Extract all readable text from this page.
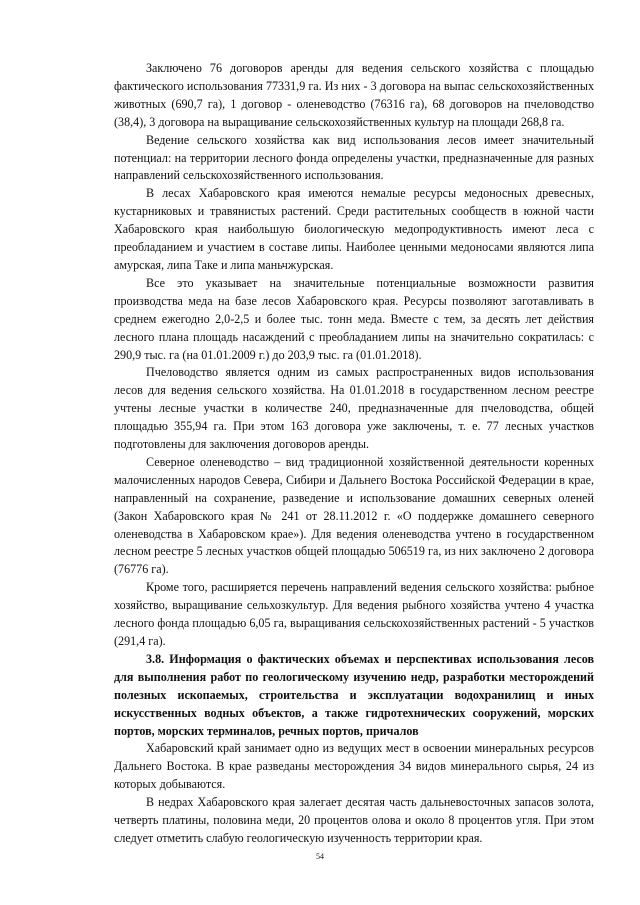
Заключено 76 договоров аренды для ведения сельского хозяйства с площадью фактического использования 77331,9 га. Из них - 3 договора на выпас сельскохозяйственных животных (690,7 га), 1 договор - оленеводство (76316 га), 68 договоров на пчеловодство (38,4), 3 договора на выращивание сельскохозяйственных культур на площади 268,8 га.

Ведение сельского хозяйства как вид использования лесов имеет значительный потенциал: на территории лесного фонда определены участки, предназначенные для разных направлений сельскохозяйственного использования.

В лесах Хабаровского края имеются немалые ресурсы медоносных древесных, кустарниковых и травянистых растений. Среди растительных сообществ в южной части Хабаровского края наибольшую биологическую медопродуктивность имеют леса с преобладанием и участием в составе липы. Наиболее ценными медоносами являются липа амурская, липа Таке и липа маньчжурская.

Все это указывает на значительные потенциальные возможности развития производства меда на базе лесов Хабаровского края. Ресурсы позволяют заготавливать в среднем ежегодно 2,0-2,5 и более тыс. тонн меда. Вместе с тем, за десять лет действия лесного плана площадь насаждений с преобладанием липы на значительно сократилась: с 290,9 тыс. га (на 01.01.2009 г.) до 203,9 тыс. га (01.01.2018).

Пчеловодство является одним из самых распространенных видов использования лесов для ведения сельского хозяйства. На 01.01.2018 в государственном лесном реестре учтены лесные участки в количестве 240, предназначенные для пчеловодства, общей площадью 355,94 га. При этом 163 договора уже заключены, т. е. 77 лесных участков подготовлены для заключения договоров аренды.

Северное оленеводство – вид традиционной хозяйственной деятельности коренных малочисленных народов Севера, Сибири и Дальнего Востока Российской Федерации в крае, направленный на сохранение, разведение и использование домашних северных оленей (Закон Хабаровского края № 241 от 28.11.2012 г. «О поддержке домашнего северного оленеводства в Хабаровском крае»). Для ведения оленеводства учтено в государственном лесном реестре 5 лесных участков общей площадью 506519 га, из них заключено 2 договора (76776 га).

Кроме того, расширяется перечень направлений ведения сельского хозяйства: рыбное хозяйство, выращивание сельхозкультур. Для ведения рыбного хозяйства учтено 4 участка лесного фонда площадью 6,05 га, выращивания сельскохозяйственных растений - 5 участков (291,4 га).

3.8. Информация о фактических объемах и перспективах использования лесов для выполнения работ по геологическому изучению недр, разработки месторождений полезных ископаемых, строительства и эксплуатации водохранилищ и иных искусственных водных объектов, а также гидротехнических сооружений, морских портов, морских терминалов, речных портов, причалов

Хабаровский край занимает одно из ведущих мест в освоении минеральных ресурсов Дальнего Востока. В крае разведаны месторождения 34 видов минерального сырья, 24 из которых добываются.

В недрах Хабаровского края залегает десятая часть дальневосточных запасов золота, четверть платины, половина меди, 20 процентов олова и около 8 процентов угля. При этом следует отметить слабую геологическую изученность территории края.

54
